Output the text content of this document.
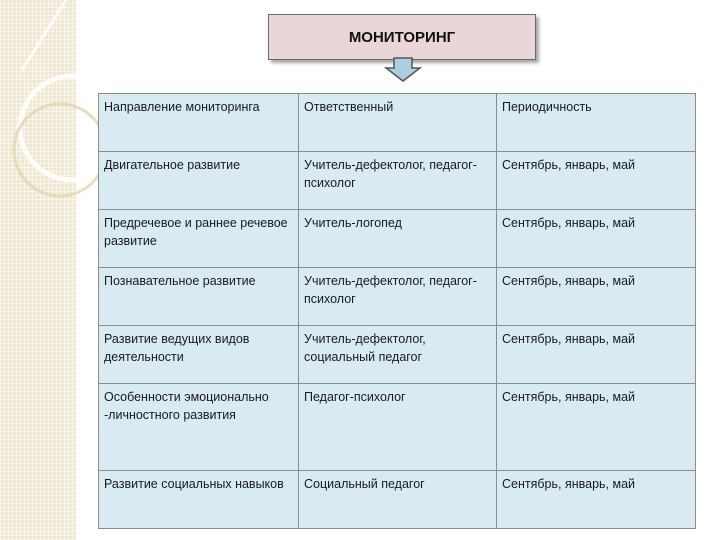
МОНИТОРИНГ
Направление мониторинга	Ответственный	Периодичность
Двигательное развитие	Учитель-дефектолог, педагог-психолог	Сентябрь, январь, май
Предречевое и раннее речевое развитие	Учитель-логопед	Сентябрь, январь, май
Познавательное развитие	Учитель-дефектолог, педагог-психолог	Сентябрь, январь, май
Развитие ведущих видов деятельности	Учитель-дефектолог, социальный педагог	Сентябрь, январь, май
Особенности эмоционально -личностного развития	Педагог-психолог	Сентябрь, январь, май
Развитие социальных навыков	Социальный педагог	Сентябрь, январь, май
